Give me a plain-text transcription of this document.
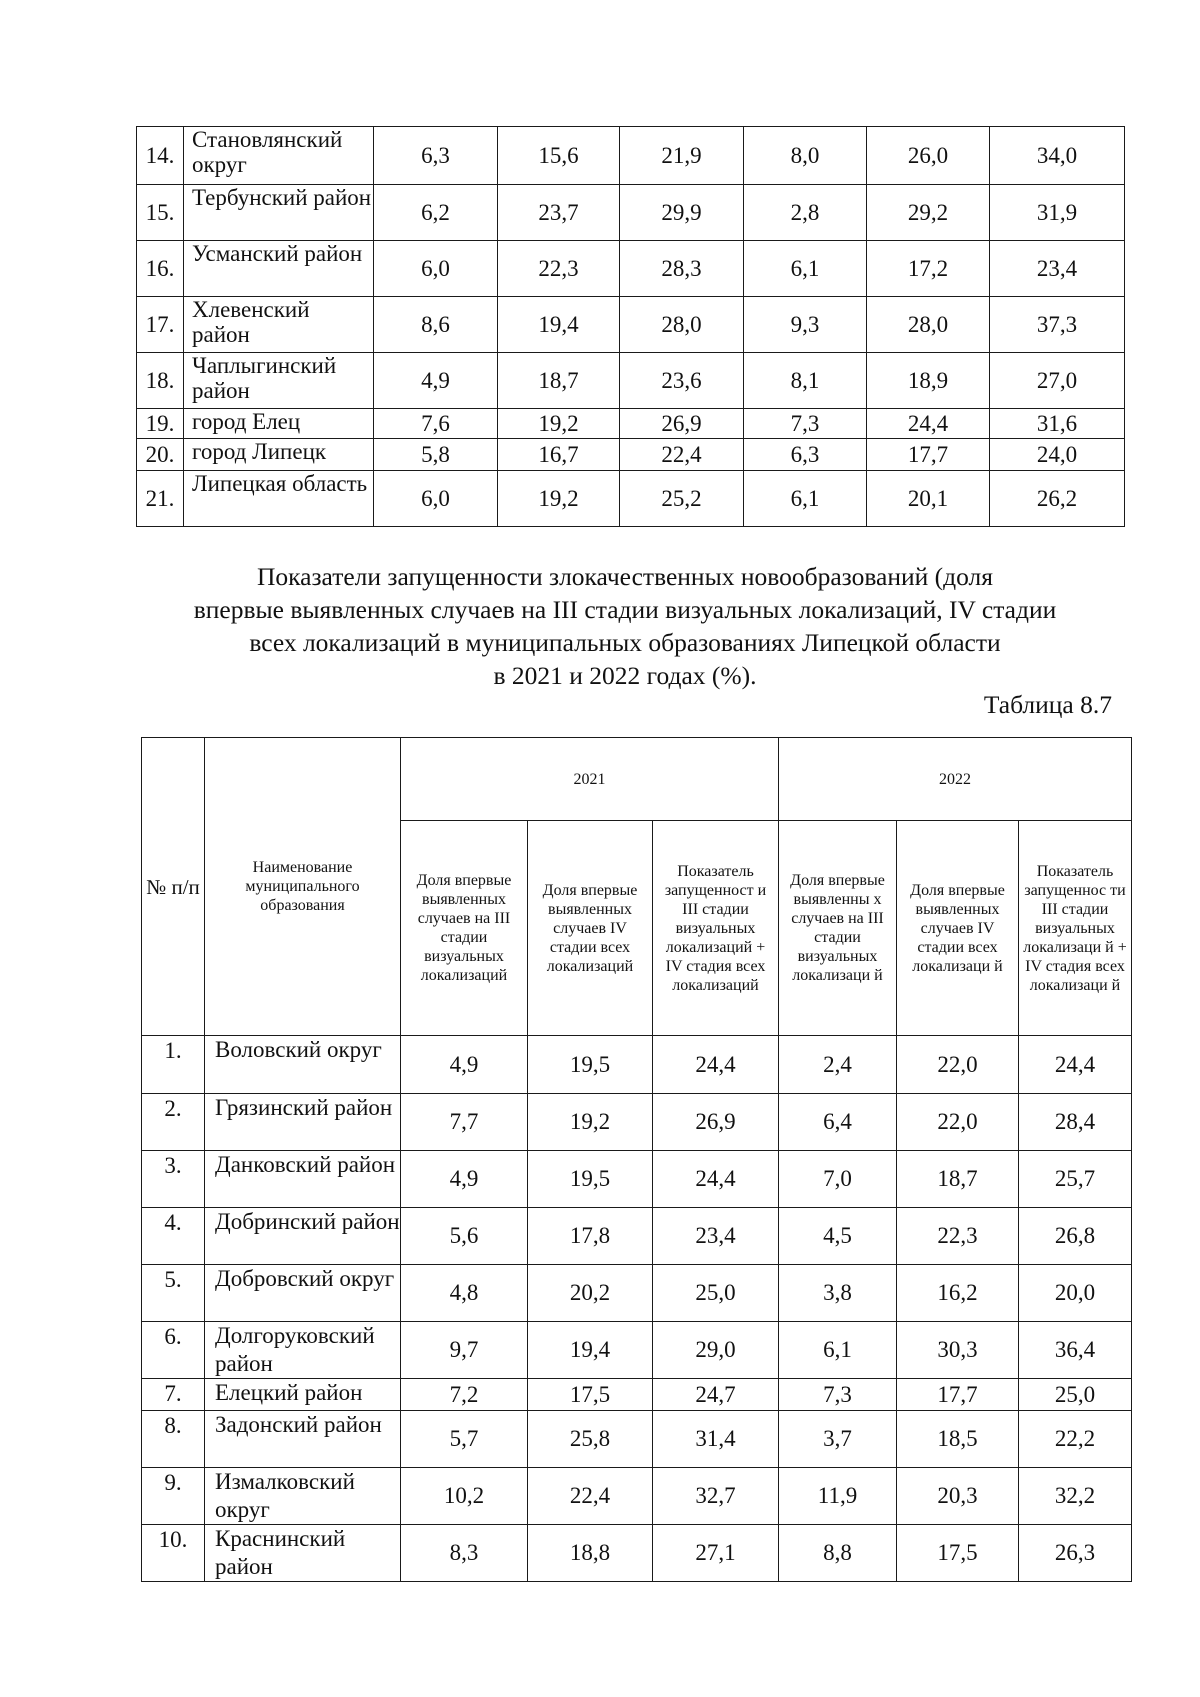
14.	Становлянский округ	6,3	15,6	21,9	8,0	26,0	34,0
15.	Тербунский район	6,2	23,7	29,9	2,8	29,2	31,9
16.	Усманский район	6,0	22,3	28,3	6,1	17,2	23,4
17.	Хлевенский район	8,6	19,4	28,0	9,3	28,0	37,3
18.	Чаплыгинский район	4,9	18,7	23,6	8,1	18,9	27,0
19.	город Елец	7,6	19,2	26,9	7,3	24,4	31,6
20.	город Липецк	5,8	16,7	22,4	6,3	17,7	24,0
21.	Липецкая область	6,0	19,2	25,2	6,1	20,1	26,2
Показатели запущенности злокачественных новообразований (доля
впервые выявленных случаев на III стадии визуальных локализаций, IV стадии
всех локализаций в муниципальных образованиях Липецкой области
в 2021 и 2022 годах (%).
Таблица 8.7
№ п/п	Наименование муниципального образования	2021			2022		
		Доля впервые выявленных случаев на III стадии визуальных локализаций	Доля впервые выявленных случаев IV стадии всех локализаций	Показатель запущенност и III стадии визуальных локализаций + IV стадия всех локализаций	Доля впервые выявленны х случаев на III стадии визуальных локализаци й	Доля впервые выявленных случаев IV стадии всех локализаци й	Показатель запущеннос ти III стадии визуальных локализаци й + IV стадия всех локализаци й
1.	Воловский округ	4,9	19,5	24,4	2,4	22,0	24,4
2.	Грязинский район	7,7	19,2	26,9	6,4	22,0	28,4
3.	Данковский район	4,9	19,5	24,4	7,0	18,7	25,7
4.	Добринский район	5,6	17,8	23,4	4,5	22,3	26,8
5.	Добровский округ	4,8	20,2	25,0	3,8	16,2	20,0
6.	Долгоруковский район	9,7	19,4	29,0	6,1	30,3	36,4
7.	Елецкий район	7,2	17,5	24,7	7,3	17,7	25,0
8.	Задонский район	5,7	25,8	31,4	3,7	18,5	22,2
9.	Измалковский округ	10,2	22,4	32,7	11,9	20,3	32,2
10.	Краснинский район	8,3	18,8	27,1	8,8	17,5	26,3
